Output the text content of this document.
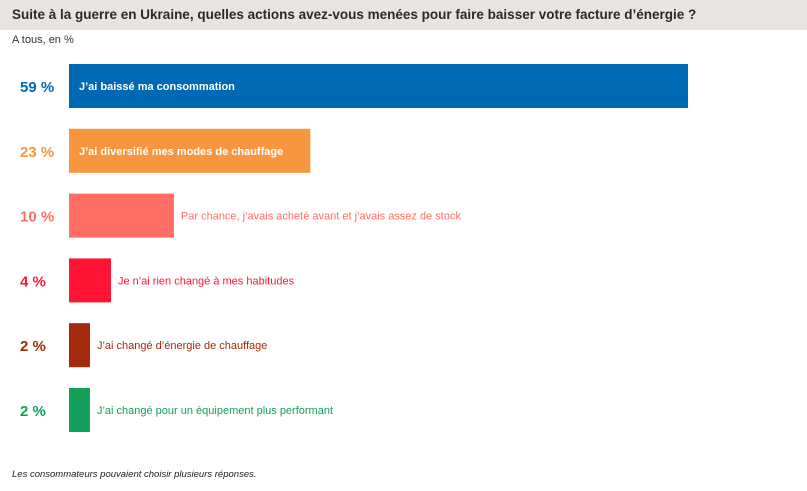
Suite à la guerre en Ukraine, quelles actions avez-vous menées pour faire baisser votre facture d’énergie ?
A tous, en %
59 % J’ai baissé ma consommation
23 % J’ai diversifié mes modes de chauffage
10 %	Par chance, j’avais acheté avant et j’avais assez de stock
4 %	Je n’ai rien changé à mes habitudes
2 %	J’ai changé d’énergie de chauffage
2 %	J’ai changé pour un équipement plus performant
Les consommateurs pouvaient choisir plusieurs réponses.
